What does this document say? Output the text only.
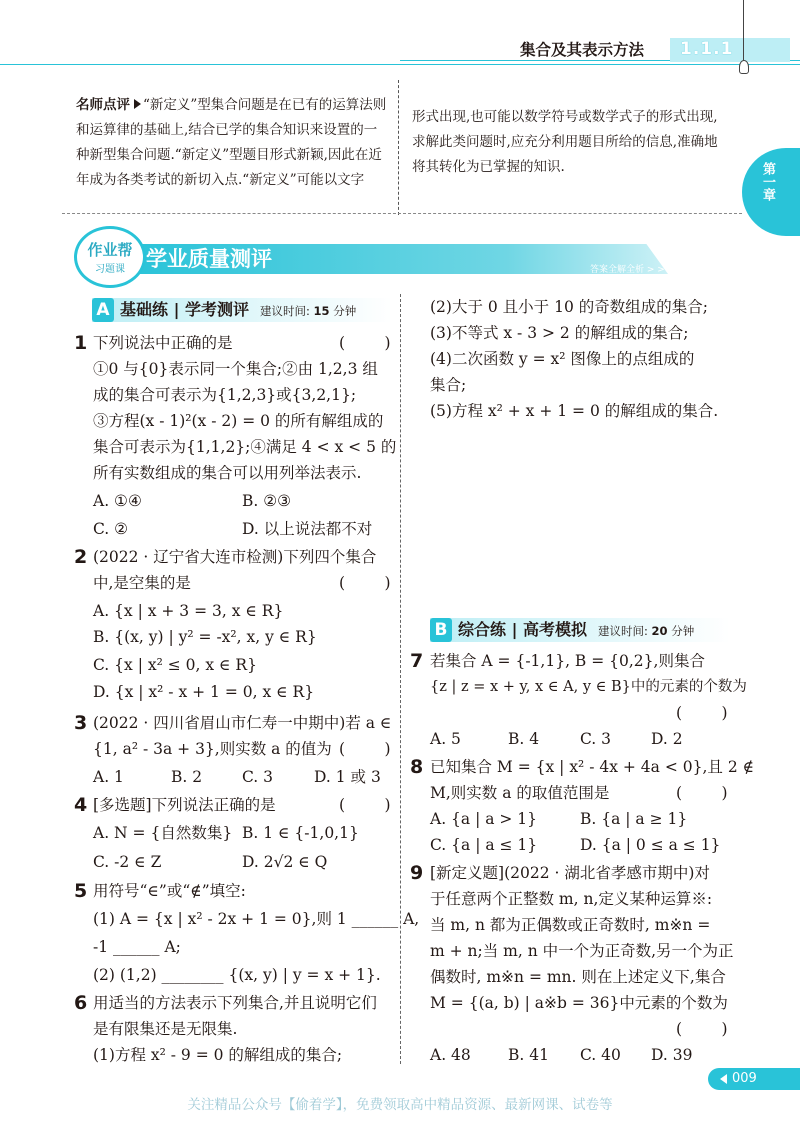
集合及其表示方法 1.1.1
第一章
名师点评 “新定义”型集合问题是在已有的运算法则
和运算律的基础上,结合已学的集合知识来设置的一
种新型集合问题.“新定义”型题目形式新颖,因此在近
年成为各类考试的新切入点.“新定义”可能以文字
形式出现,也可能以数学符号或数学式子的形式出现,
求解此类问题时,应充分利用题目所给的信息,准确地
将其转化为已掌握的知识.
作业帮
习题课	学业质量测评	答案全解全析 > > P213
A 基础练 | 学考测评 建议时间: 15 分钟
1 下列说法中正确的是	(        )
①0 与{0}表示同一个集合;②由 1,2,3 组
成的集合可表示为{1,2,3}或{3,2,1};
③方程(x - 1)²(x - 2) = 0 的所有解组成的
集合可表示为{1,1,2};④满足 4 < x < 5 的
所有实数组成的集合可以用列举法表示.
A. ①④	B. ②③
C. ②	D. 以上说法都不对
2 (2022 · 辽宁省大连市检测)下列四个集合
中,是空集的是	(        )
A. {x | x + 3 = 3, x ∈ R}
B. {(x, y) | y² = -x², x, y ∈ R}
C. {x | x² ≤ 0, x ∈ R}
D. {x | x² - x + 1 = 0, x ∈ R}
3 (2022 · 四川省眉山市仁寿一中期中)若 a ∈
{1, a² - 3a + 3},则实数 a 的值为 (        )
A. 1	B. 2	C. 3	D. 1 或 3
4 [多选题]下列说法正确的是	(        )
A. N = {自然数集} B. 1 ∈ {-1,0,1}
C. -2 ∈ Z	D. 2√2 ∈ Q
5 用符号“∈”或“∉”填空:
(1) A = {x | x² - 2x + 1 = 0},则 1 ______ A,
-1 ______ A;
(2) (1,2) ________ {(x, y) | y = x + 1}.
6 用适当的方法表示下列集合,并且说明它们
是有限集还是无限集.
(1)方程 x² - 9 = 0 的解组成的集合;
(2)大于 0 且小于 10 的奇数组成的集合;
(3)不等式 x - 3 > 2 的解组成的集合;
(4)二次函数 y = x² 图像上的点组成的
集合;
(5)方程 x² + x + 1 = 0 的解组成的集合.
B 综合练 | 高考模拟 建议时间: 20 分钟
7 若集合 A = {-1,1}, B = {0,2},则集合
{z | z = x + y, x ∈ A, y ∈ B}中的元素的个数为
(        )
A. 5	B. 4	C. 3	D. 2
8 已知集合 M = {x | x² - 4x + 4a < 0},且 2 ∉
M,则实数 a 的取值范围是	(        )
A. {a | a > 1}	B. {a | a ≥ 1}
C. {a | a ≤ 1}	D. {a | 0 ≤ a ≤ 1}
9 [新定义题](2022 · 湖北省孝感市期中)对
于任意两个正整数 m, n,定义某种运算※:
当 m, n 都为正偶数或正奇数时, m※n =
m + n;当 m, n 中一个为正奇数,另一个为正
偶数时, m※n = mn. 则在上述定义下,集合
M = {(a, b) | a※b = 36}中元素的个数为
(        )
A. 48 B. 41 C. 40 D. 39
009
关注精品公众号【偷着学】，免费领取高中精品资源、最新网课、试卷等
